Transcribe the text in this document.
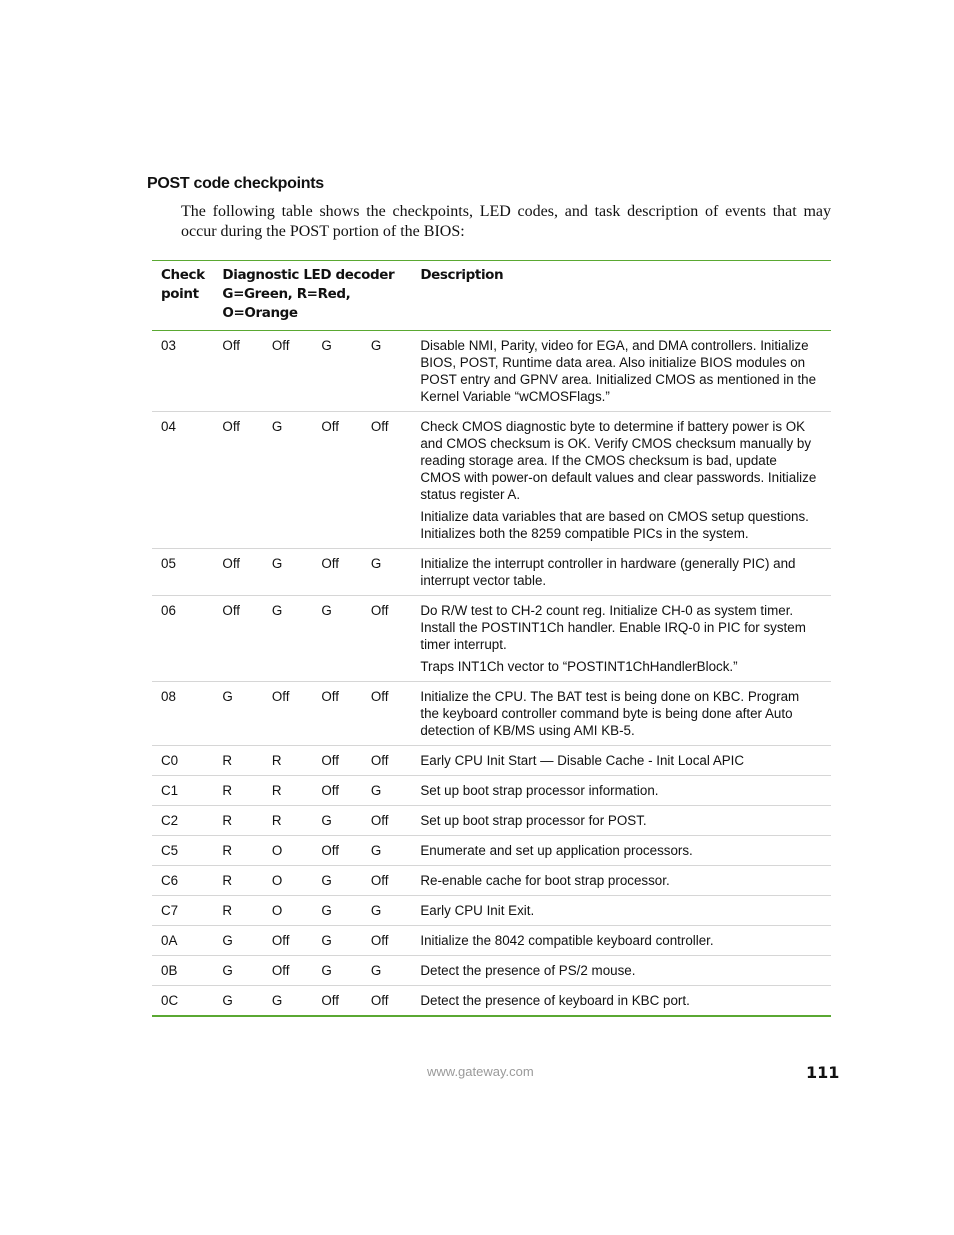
POST code checkpoints

The following table shows the checkpoints, LED codes, and task description of events that may occur during the POST portion of the BIOS:

Check
point	Diagnostic LED decoder
G=Green, R=Red, O=Orange				Description
03	Off	Off	G	G	Disable NMI, Parity, video for EGA, and DMA controllers. Initialize BIOS, POST, Runtime data area. Also initialize BIOS modules on POST entry and GPNV area. Initialized CMOS as mentioned in the Kernel Variable “wCMOSFlags.”

04	Off	G	Off	Off	Check CMOS diagnostic byte to determine if battery power is OK and CMOS checksum is OK. Verify CMOS checksum manually by reading storage area. If the CMOS checksum is bad, update CMOS with power-on default values and clear passwords. Initialize status register A.

Initialize data variables that are based on CMOS setup questions. Initializes both the 8259 compatible PICs in the system.

05	Off	G	Off	G	Initialize the interrupt controller in hardware (generally PIC) and interrupt vector table.

06	Off	G	G	Off	Do R/W test to CH-2 count reg. Initialize CH-0 as system timer. Install the POSTINT1Ch handler. Enable IRQ-0 in PIC for system timer interrupt.

Traps INT1Ch vector to “POSTINT1ChHandlerBlock.”

08	G	Off	Off	Off	Initialize the CPU. The BAT test is being done on KBC. Program the keyboard controller command byte is being done after Auto detection of KB/MS using AMI KB-5.

C0	R	R	Off	Off	Early CPU Init Start — Disable Cache - Init Local APIC

C1	R	R	Off	G	Set up boot strap processor information.

C2	R	R	G	Off	Set up boot strap processor for POST.

C5	R	O	Off	G	Enumerate and set up application processors.

C6	R	O	G	Off	Re-enable cache for boot strap processor.

C7	R	O	G	G	Early CPU Init Exit.

0A	G	Off	G	Off	Initialize the 8042 compatible keyboard controller.

0B	G	Off	G	G	Detect the presence of PS/2 mouse.

0C	G	G	Off	Off	Detect the presence of keyboard in KBC port.

www.gateway.com	111
